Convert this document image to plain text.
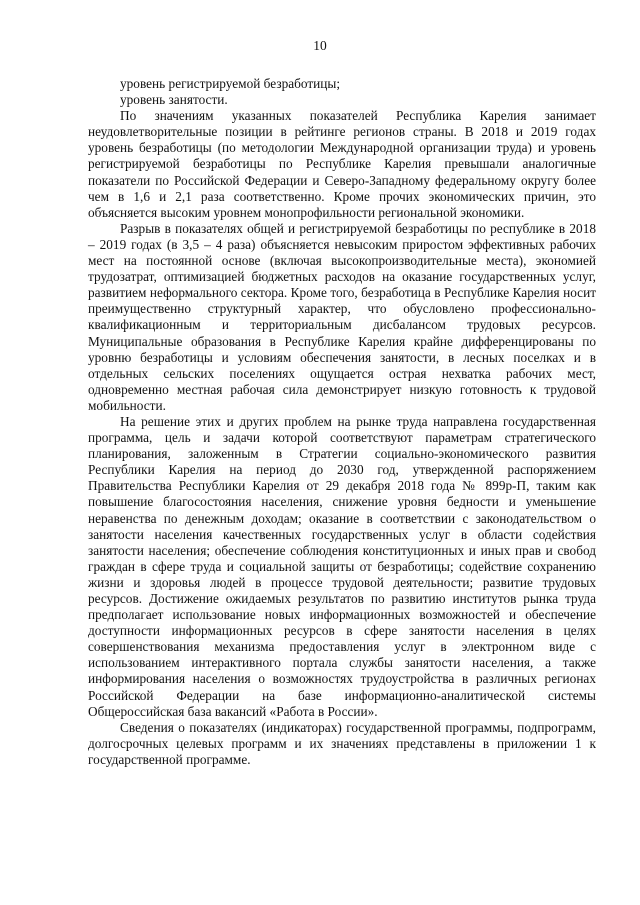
10

уровень регистрируемой безработицы;

уровень занятости.

По значениям указанных показателей Республика Карелия занимает неудовлетворительные позиции в рейтинге регионов страны. В 2018 и 2019 годах уровень безработицы (по методологии Международной организации труда) и уровень регистрируемой безработицы по Республике Карелия превышали аналогичные показатели по Российской Федерации и Северо-Западному федеральному округу более чем в 1,6 и 2,1 раза соответственно. Кроме прочих экономических причин, это объясняется высоким уровнем монопрофильности региональной экономики.

Разрыв в показателях общей и регистрируемой безработицы по республике в 2018 – 2019 годах (в 3,5 – 4 раза) объясняется невысоким приростом эффективных рабочих мест на постоянной основе (включая высокопроизводительные места), экономией трудозатрат, оптимизацией бюджетных расходов на оказание государственных услуг, развитием неформального сектора. Кроме того, безработица в Республике Карелия носит преимущественно структурный характер, что обусловлено профессионально-квалификационным и территориальным дисбалансом трудовых ресурсов. Муниципальные образования в Республике Карелия крайне дифференцированы по уровню безработицы и условиям обеспечения занятости, в лесных поселках и в отдельных сельских поселениях ощущается острая нехватка рабочих мест, одновременно местная рабочая сила демонстрирует низкую готовность к трудовой мобильности.

На решение этих и других проблем на рынке труда направлена государственная программа, цель и задачи которой соответствуют параметрам стратегического планирования, заложенным в Стратегии социально-экономического развития Республики Карелия на период до 2030 год, утвержденной распоряжением Правительства Республики Карелия от 29 декабря 2018 года № 899р-П, таким как повышение благосостояния населения, снижение уровня бедности и уменьшение неравенства по денежным доходам; оказание в соответствии с законодательством о занятости населения качественных государственных услуг в области содействия занятости населения; обеспечение соблюдения конституционных и иных прав и свобод граждан в сфере труда и социальной защиты от безработицы; содействие сохранению жизни и здоровья людей в процессе трудовой деятельности; развитие трудовых ресурсов. Достижение ожидаемых результатов по развитию институтов рынка труда предполагает использование новых информационных возможностей и обеспечение доступности информационных ресурсов в сфере занятости населения в целях совершенствования механизма предоставления услуг в электронном виде с использованием интерактивного портала службы занятости населения, а также информирования населения о возможностях трудоустройства в различных регионах Российской Федерации на базе информационно-аналитической системы Общероссийская база вакансий «Работа в России».

Сведения о показателях (индикаторах) государственной программы, подпрограмм, долгосрочных целевых программ и их значениях представлены в приложении 1 к государственной программе.
